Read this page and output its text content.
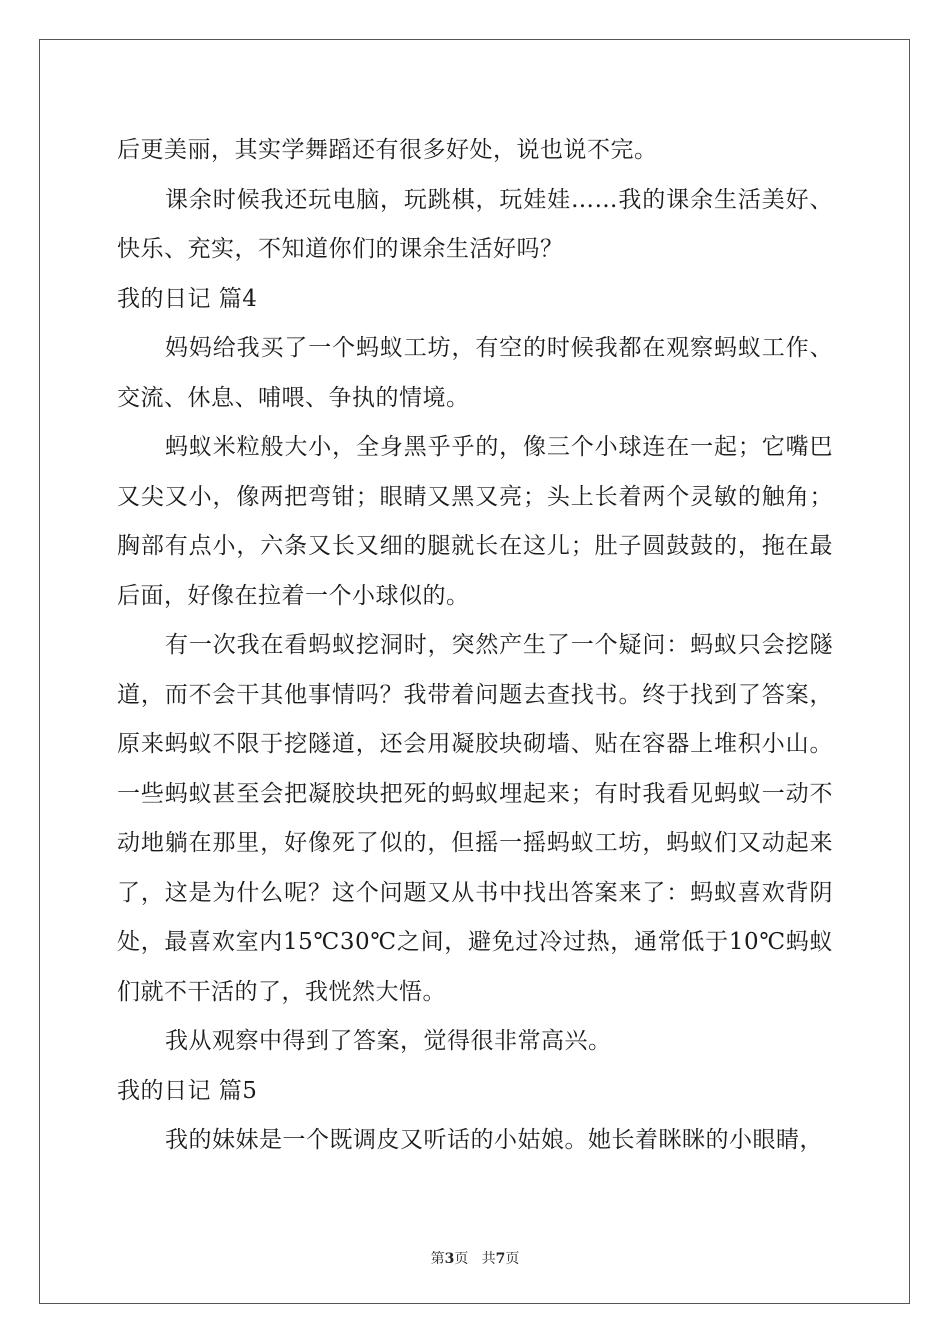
后更美丽，其实学舞蹈还有很多好处，说也说不完。

课余时候我还玩电脑，玩跳棋，玩娃娃……我的课余生活美好、快乐、充实，不知道你们的课余生活好吗？

我的日记 篇4

妈妈给我买了一个蚂蚁工坊，有空的时候我都在观察蚂蚁工作、交流、休息、哺喂、争执的情境。

蚂蚁米粒般大小，全身黑乎乎的，像三个小球连在一起；它嘴巴又尖又小，像两把弯钳；眼睛又黑又亮；头上长着两个灵敏的触角；胸部有点小，六条又长又细的腿就长在这儿；肚子圆鼓鼓的，拖在最后面，好像在拉着一个小球似的。

有一次我在看蚂蚁挖洞时，突然产生了一个疑问：蚂蚁只会挖隧道，而不会干其他事情吗？我带着问题去查找书。终于找到了答案，原来蚂蚁不限于挖隧道，还会用凝胶块砌墙、贴在容器上堆积小山。一些蚂蚁甚至会把凝胶块把死的蚂蚁埋起来；有时我看见蚂蚁一动不动地躺在那里，好像死了似的，但摇一摇蚂蚁工坊，蚂蚁们又动起来了，这是为什么呢？这个问题又从书中找出答案来了：蚂蚁喜欢背阴处，最喜欢室内15℃30℃之间，避免过冷过热，通常低于10℃蚂蚁们就不干活的了，我恍然大悟。

我从观察中得到了答案，觉得很非常高兴。

我的日记 篇5

我的妹妹是一个既调皮又听话的小姑娘。她长着眯眯的小眼睛，

第3页 共7页
